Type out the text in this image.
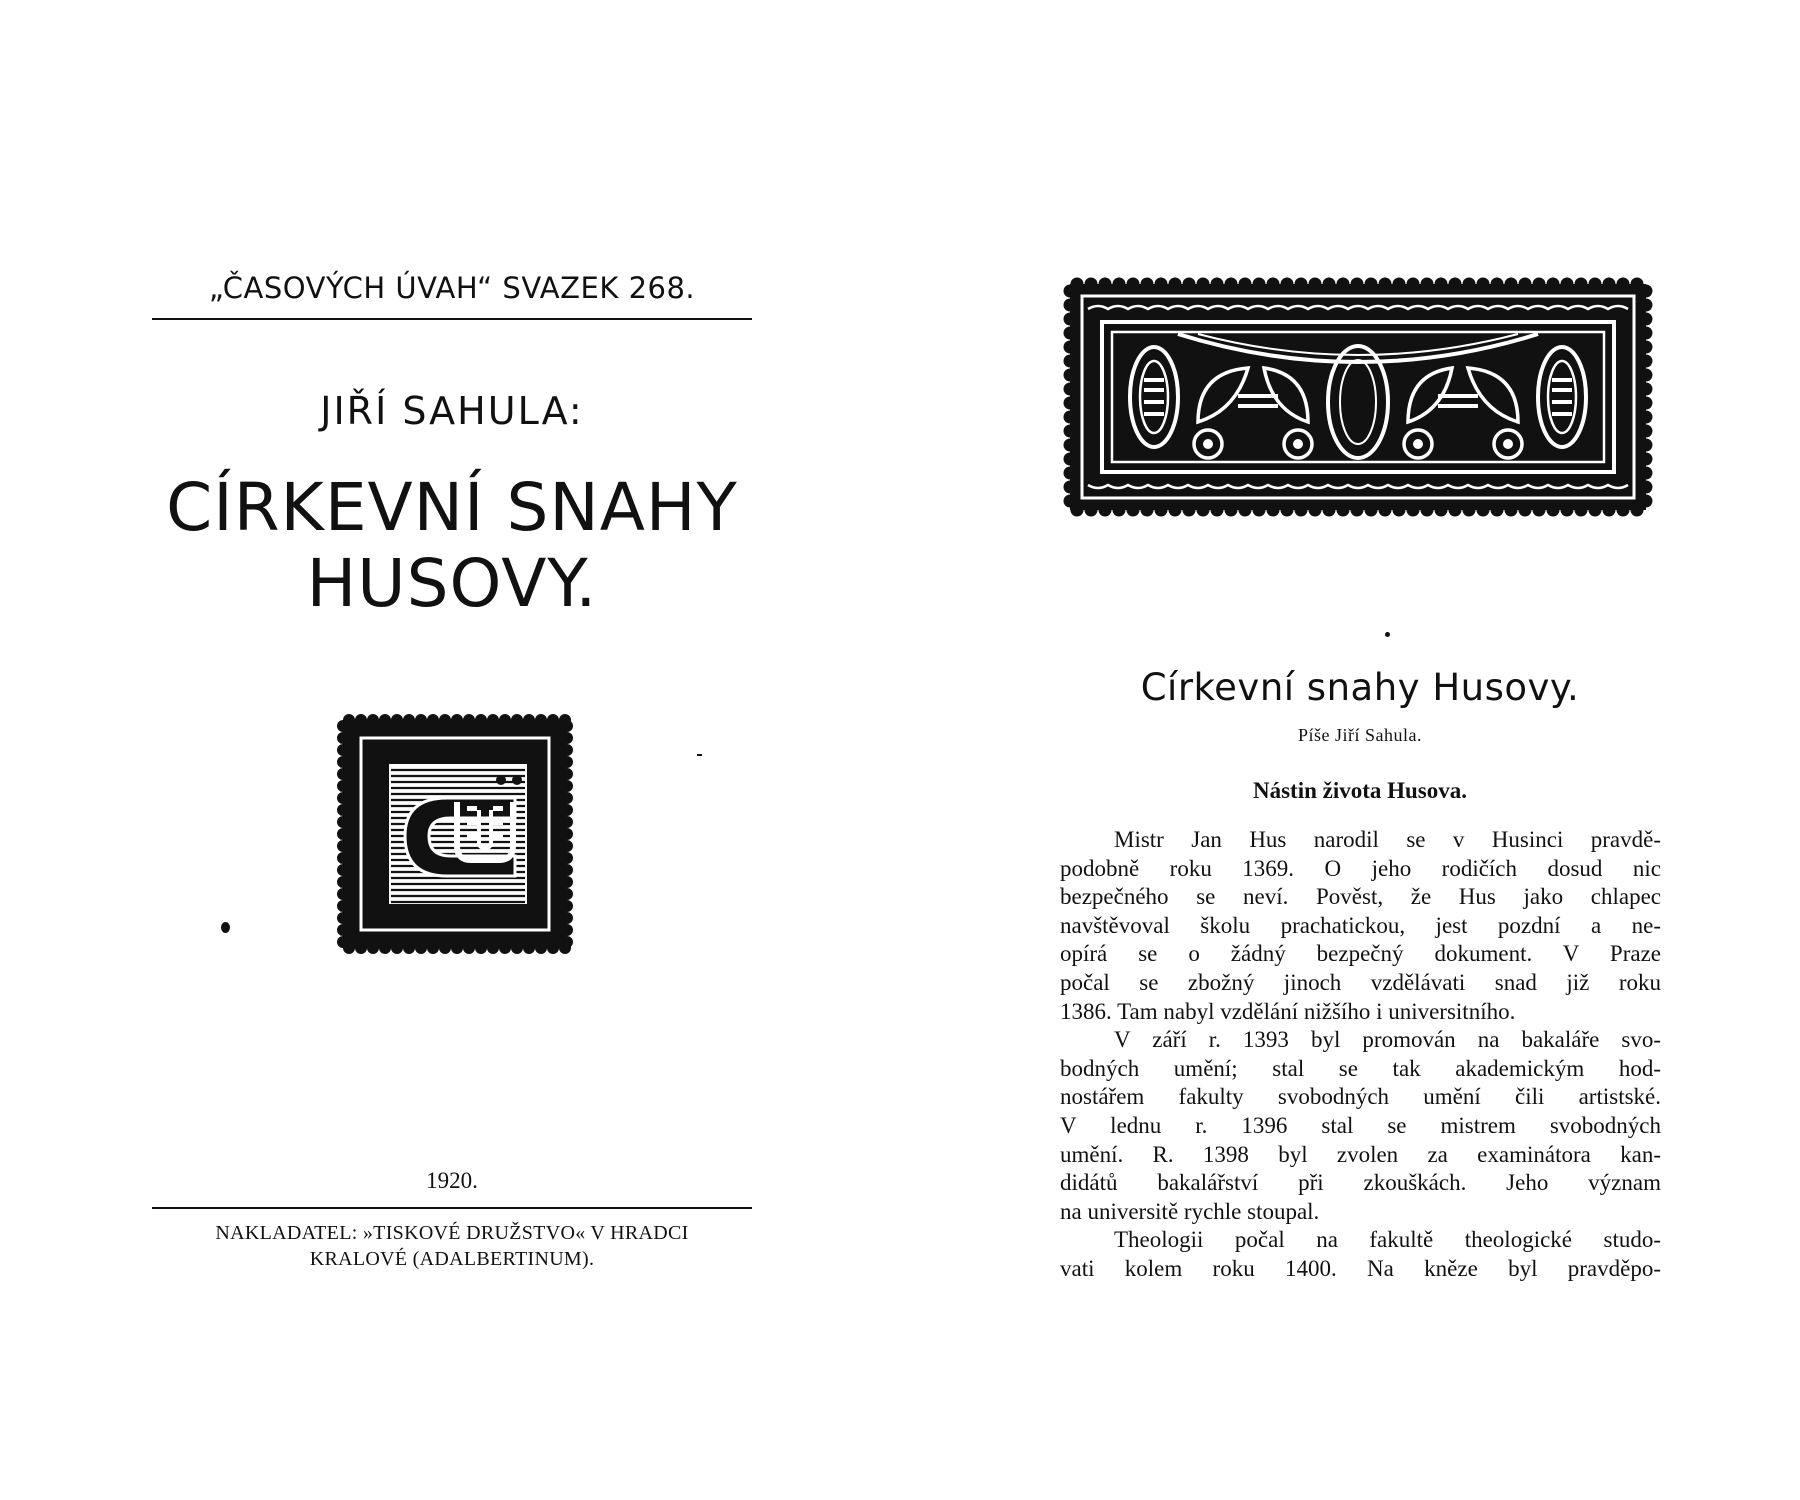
„ČASOVÝCH ÚVAH“ SVAZEK 268.
JIŘÍ SAHULA:
CÍRKEVNÍ SNAHY
HUSOVY.
1920.
NAKLADATEL: »TISKOVÉ DRUŽSTVO« V HRADCI
KRALOVÉ (ADALBERTINUM).
Církevní snahy Husovy.
Píše Jiří Sahula.
Nástin života Husova.
Mistr Jan Hus narodil se v Husinci pravdě-
podobně roku 1369. O jeho rodičích dosud nic
bezpečného se neví. Pověst, že Hus jako chlapec
navštěvoval školu prachatickou, jest pozdní a ne-
opírá se o žádný bezpečný dokument. V Praze
počal se zbožný jinoch vzdělávati snad již roku
1386. Tam nabyl vzdělání nižšího i universitního.
V září r. 1393 byl promován na bakaláře svo-
bodných umění; stal se tak akademickým hod-
nostářem fakulty svobodných umění čili artistské.
V lednu r. 1396 stal se mistrem svobodných
umění. R. 1398 byl zvolen za examinátora kan-
didátů bakalářství při zkouškách. Jeho význam
na universitě rychle stoupal.
Theologii počal na fakultě theologické studo-
vati kolem roku 1400. Na kněze byl pravděpo-
